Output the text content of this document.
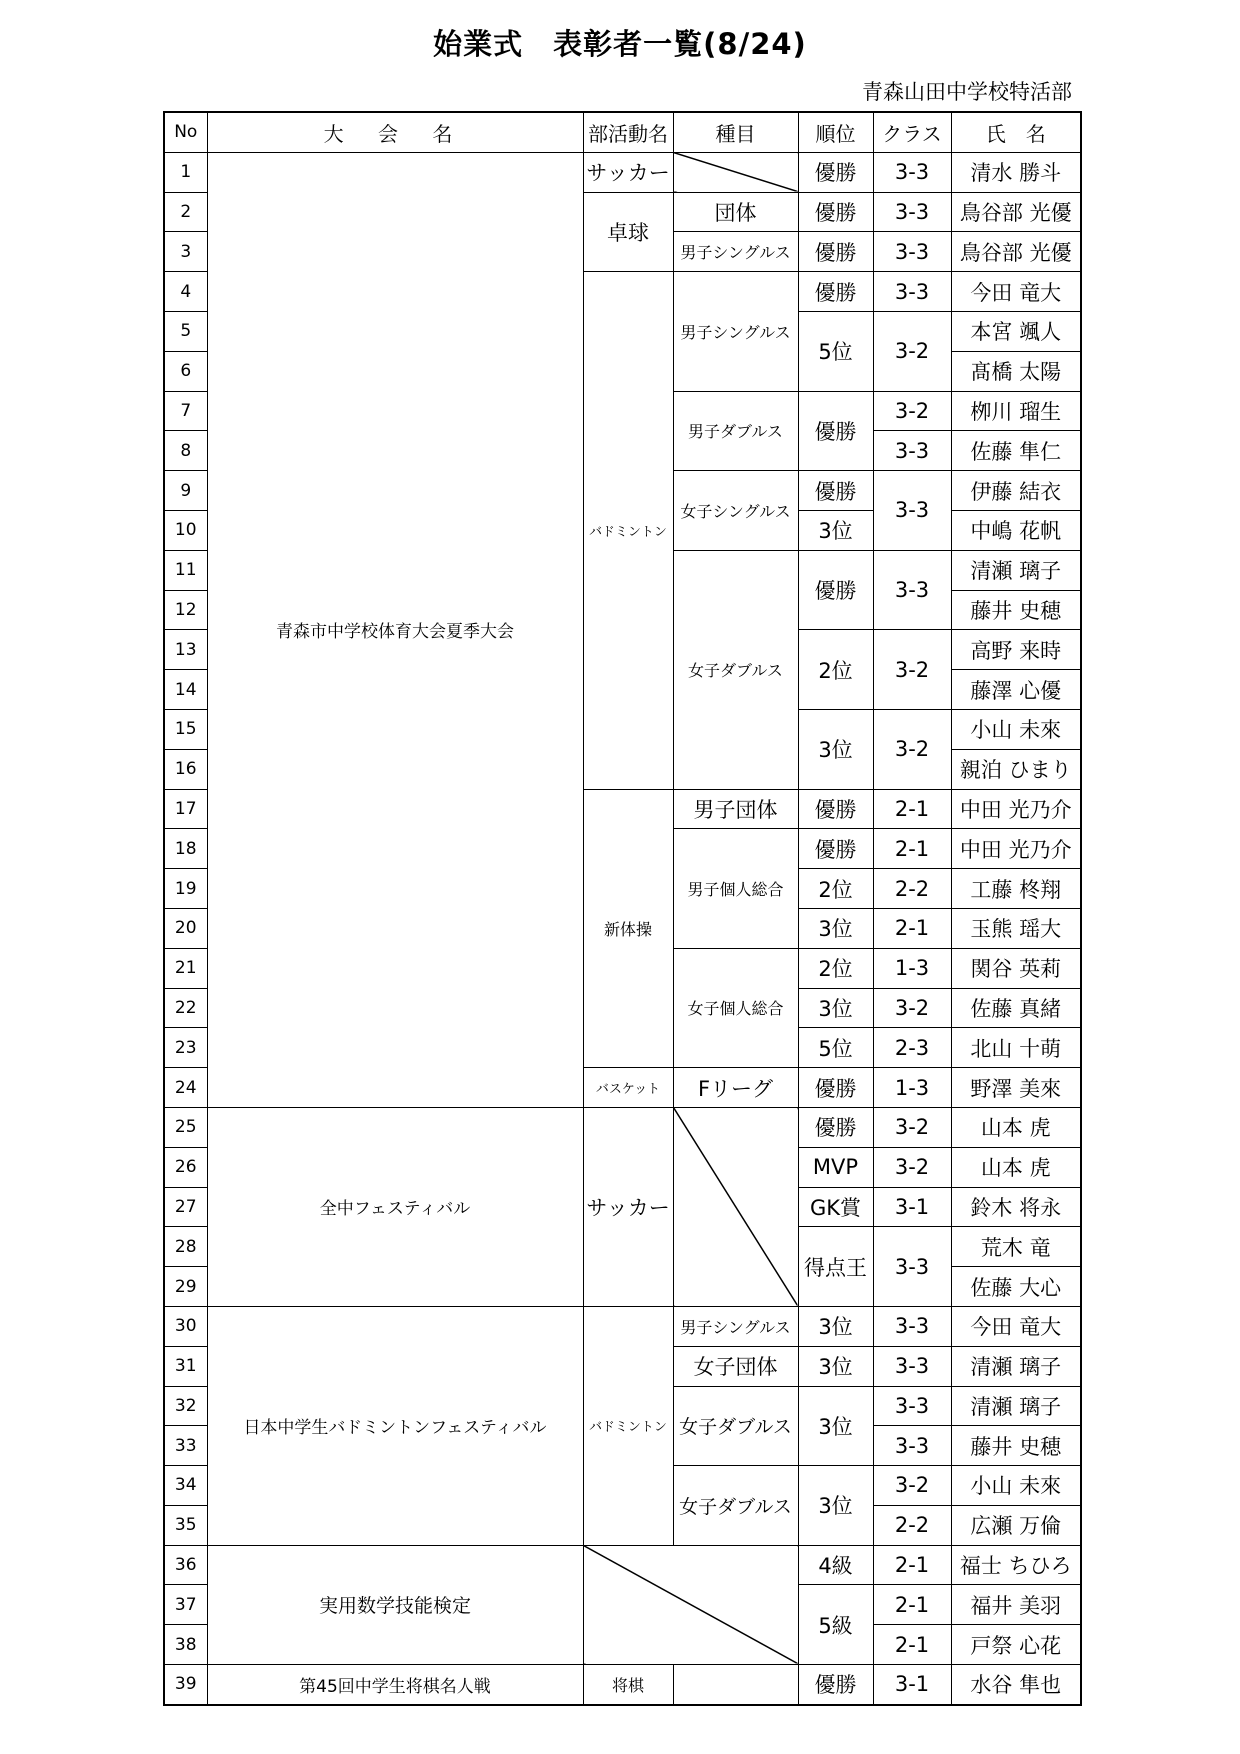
始業式　表彰者一覧(8/24)
青森山田中学校特活部
No	大 会 名	部活動名	種目	順位	クラス	氏　名
1	青森市中学校体育大会夏季大会	サッカー		優勝	3-3	清水 勝斗
2		卓球	団体	優勝	3-3	鳥谷部 光優
3			男子シングルス	優勝	3-3	鳥谷部 光優
4		バドミントン	男子シングルス	優勝	3-3	今田 竜大
5				5位	3-2	本宮 颯人
6						髙橋 太陽
7			男子ダブルス	優勝	3-2	栁川 瑠生
8					3-3	佐藤 隼仁
9			女子シングルス	優勝	3-3	伊藤 結衣
10				3位		中嶋 花帆
11			女子ダブルス	優勝	3-3	清瀬 璃子
12						藤井 史穂
13				2位	3-2	高野 来時
14						藤澤 心優
15				3位	3-2	小山 未來
16						親泊 ひまり
17		新体操	男子団体	優勝	2-1	中田 光乃介
18			男子個人総合	優勝	2-1	中田 光乃介
19				2位	2-2	工藤 柊翔
20				3位	2-1	玉熊 瑶大
21			女子個人総合	2位	1-3	関谷 英莉
22				3位	3-2	佐藤 真緒
23				5位	2-3	北山 十萌
24		バスケット	Fリーグ	優勝	1-3	野澤 美來
25	全中フェスティバル	サッカー		優勝	3-2	山本 虎
26				MVP	3-2	山本 虎
27				GK賞	3-1	鈴木 将永
28				得点王	3-3	荒木 竜
29						佐藤 大心
30	日本中学生バドミントンフェスティバル	バドミントン	男子シングルス	3位	3-3	今田 竜大
31			女子団体	3位	3-3	清瀬 璃子
32			女子ダブルス	3位	3-3	清瀬 璃子
33					3-3	藤井 史穂
34			女子ダブルス	3位	3-2	小山 未來
35					2-2	広瀬 万倫
36	実用数学技能検定			4級	2-1	福士 ちひろ
37				5級	2-1	福井 美羽
38					2-1	戸祭 心花
39	第45回中学生将棋名人戦	将棋		優勝	3-1	水谷 隼也
